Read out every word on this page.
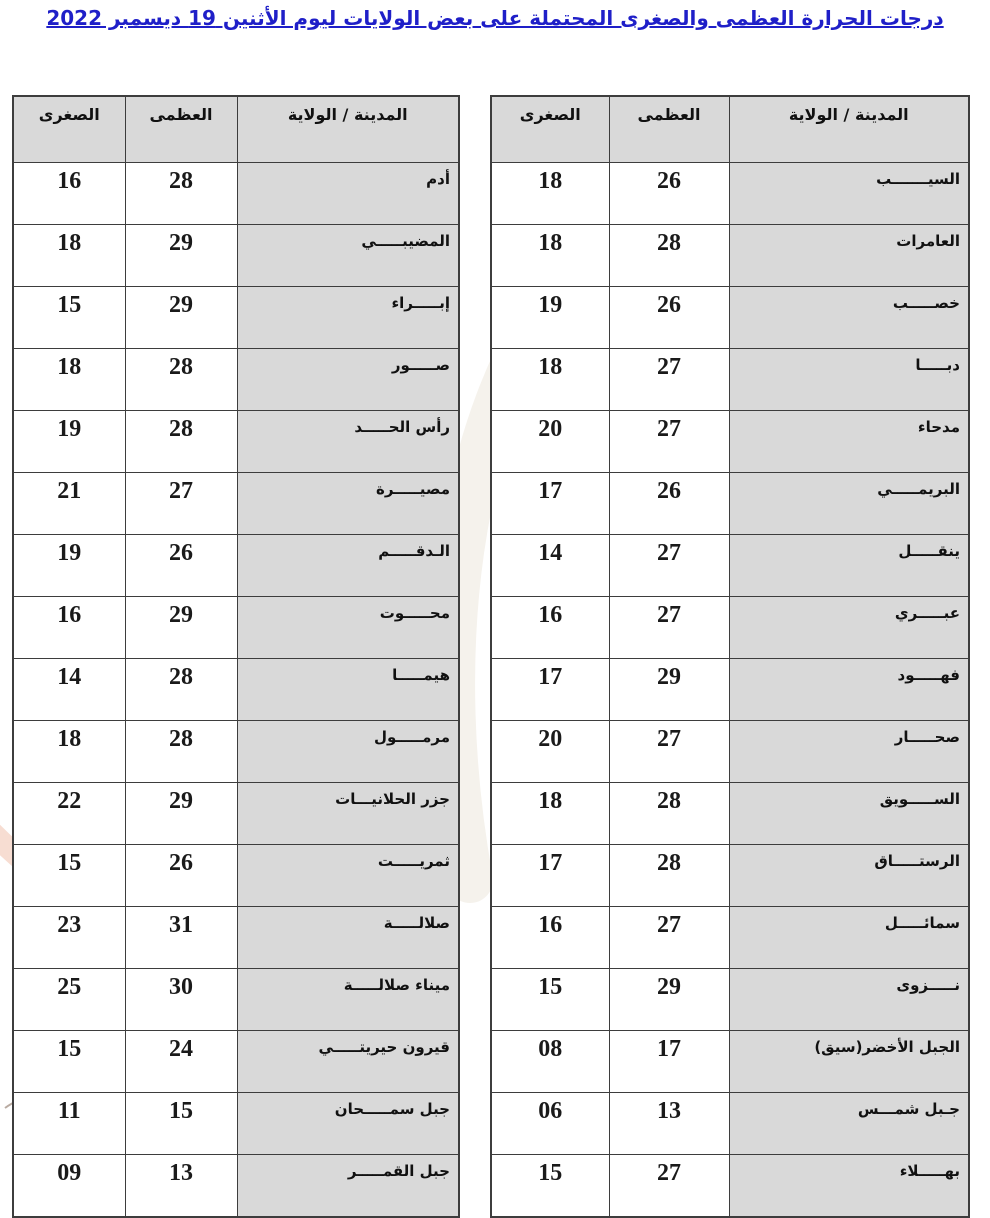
درجات الحرارة العظمى والصغرى المحتملة على بعض الولايات ليوم الأثنين 19 ديسمبر 2022
المدينة / الولاية	العظمى	الصغرى
أدم	28	16
المضيبـــــي	29	18
إبـــــراء	29	15
صـــــور	28	18
رأس الحـــــد	28	19
مصيـــــرة	27	21
الـدقـــــم	26	19
محـــــوت	29	16
هيمـــــا	28	14
مرمـــــول	28	18
جزر الحلانيـــات	29	22
ثمريـــــت	26	15
صلالـــــة	31	23
ميناء صلالـــــة	30	25
قيرون حيريتـــــي	24	15
جبل سمـــــحان	15	11
جبل القمـــــر	13	09
المدينة / الولاية	العظمى	الصغرى
السيـــــــب	26	18
العامرات	28	18
خصـــــب	26	19
دبـــــا	27	18
مدحاء	27	20
البريمـــــي	26	17
ينقـــــل	27	14
عبـــــري	27	16
فهـــــود	29	17
صحـــــار	27	20
الســـــويق	28	18
الرستـــــاق	28	17
سمائـــــل	27	16
نـــــزوى	29	15
الجبل الأخضر(سيق)	17	08
جـبل شمـــس	13	06
بهـــــلاء	27	15
